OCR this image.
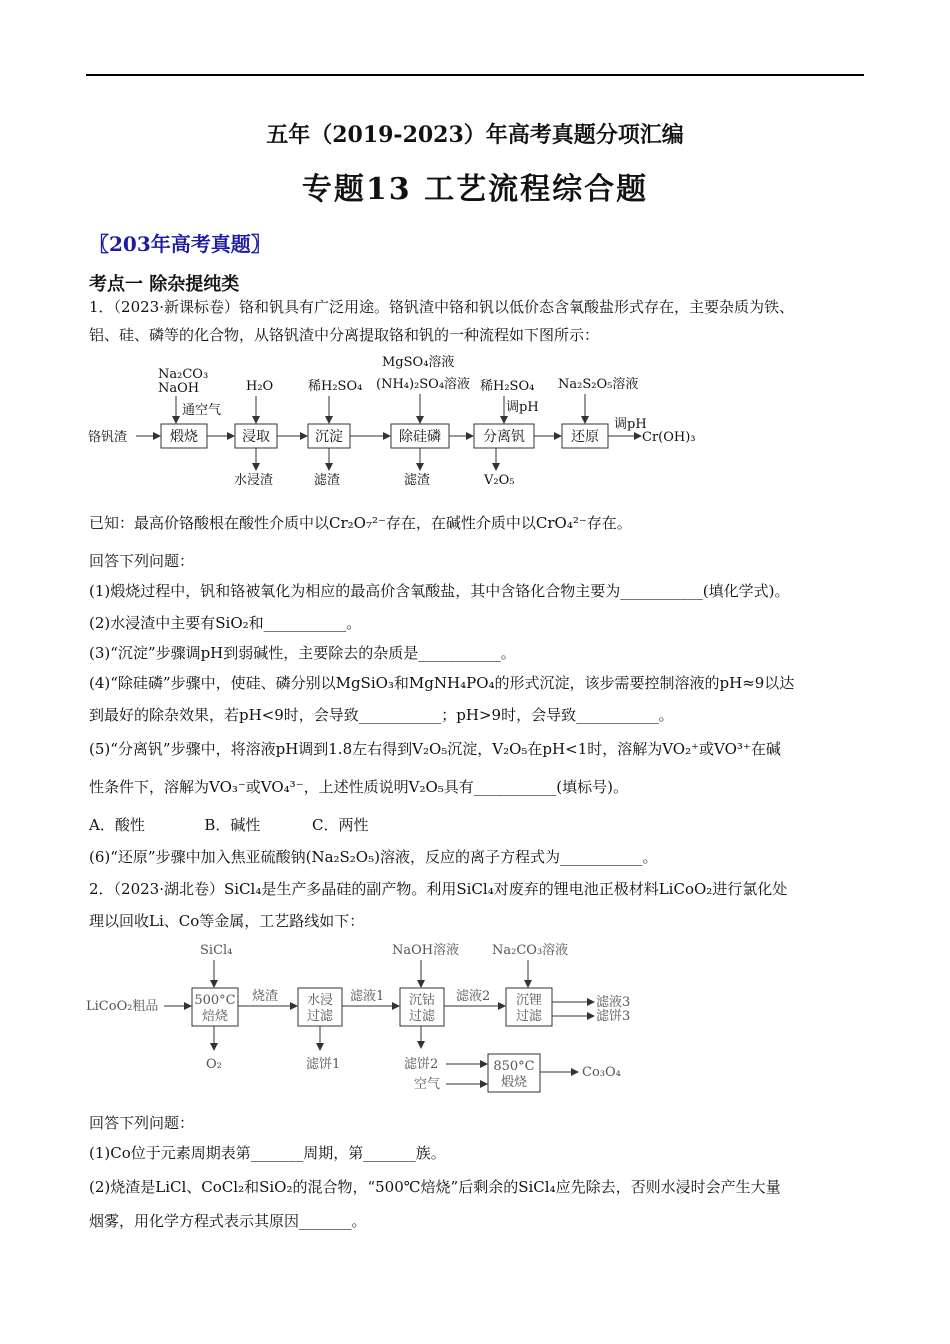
五年（2019-2023）年高考真题分项汇编
专题13 工艺流程综合题
〖203年高考真题〗
考点一 除杂提纯类
1．（2023·新课标卷）铬和钒具有广泛用途。铬钒渣中铬和钒以低价态含氧酸盐形式存在，主要杂质为铁、
铝、硅、磷等的化合物，从铬钒渣中分离提取铬和钒的一种流程如下图所示：
铬钒渣
Na₂CO₃
NaOH
通空气
H₂O	稀H₂SO₄
MgSO₄溶液
(NH₄)₂SO₄溶液 稀H₂SO₄
调pH
Na₂S₂O₅溶液
调pH
Cr(OH)₃
水浸渣	滤渣	滤渣	V₂O₅
煅烧	浸取	沉淀	除硅磷	分离钒	还原
已知：最高价铬酸根在酸性介质中以Cr₂O₇²⁻存在，在碱性介质中以CrO₄²⁻存在。
回答下列问题：
(1)煅烧过程中，钒和铬被氧化为相应的最高价含氧酸盐，其中含铬化合物主要为___________(填化学式)。
(2)水浸渣中主要有SiO₂和___________。
(3)“沉淀”步骤调pH到弱碱性，主要除去的杂质是___________。
(4)“除硅磷”步骤中，使硅、磷分别以MgSiO₃和MgNH₄PO₄的形式沉淀，该步需要控制溶液的pH≈9以达
到最好的除杂效果，若pH<9时，会导致___________；pH>9时，会导致___________。
(5)“分离钒”步骤中，将溶液pH调到1.8左右得到V₂O₅沉淀，V₂O₅在pH<1时，溶解为VO₂⁺或VO³⁺在碱
性条件下，溶解为VO₃⁻或VO₄³⁻，上述性质说明V₂O₅具有___________(填标号)。
A．酸性	B．碱性	C．两性
(6)“还原”步骤中加入焦亚硫酸钠(Na₂S₂O₅)溶液，反应的离子方程式为___________。
2．（2023·湖北卷）SiCl₄是生产多晶硅的副产物。利用SiCl₄对废弃的锂电池正极材料LiCoO₂进行氯化处
理以回收Li、Co等金属，工艺路线如下：
LiCoO₂粗品
SiCl₄	NaOH溶液	Na₂CO₃溶液
烧渣	滤液1	滤液2	滤液3
滤饼3
O₂	滤饼1	滤饼2
空气
Co₃O₄
500°C
焙烧
水浸
过滤
沉钴
过滤
沉锂
过滤
850°C
煅烧
回答下列问题：
(1)Co位于元素周期表第_______周期，第_______族。
(2)烧渣是LiCl、CoCl₂和SiO₂的混合物，“500℃焙烧”后剩余的SiCl₄应先除去，否则水浸时会产生大量
烟雾，用化学方程式表示其原因_______。
